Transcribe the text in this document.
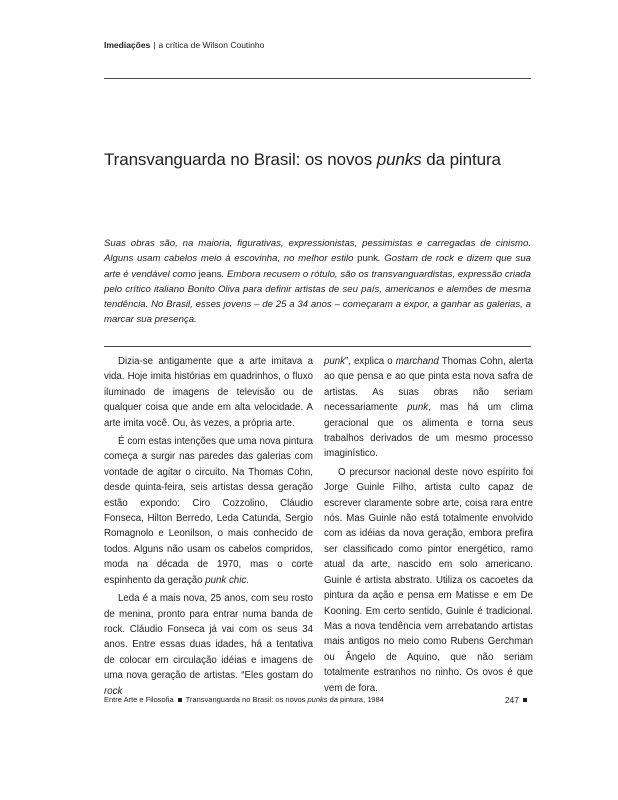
Imediações | a crítica de Wilson Coutinho
Transvanguarda no Brasil: os novos punks da pintura
Suas obras são, na maioria, figurativas, expressionistas, pessimistas e carregadas de cinismo. Alguns usam cabelos meio à escovinha, no melhor estilo punk. Gostam de rock e dizem que sua arte é vendável como jeans. Embora recusem o rótulo, são os transvanguardistas, expressão criada pelo crítico italiano Bonito Oliva para definir artistas de seu país, americanos e alemões de mesma tendência. No Brasil, esses jovens – de 25 a 34 anos – começaram a expor, a ganhar as galerias, a marcar sua presença.

Dizia-se antigamente que a arte imitava a vida. Hoje imita histórias em quadrinhos, o fluxo iluminado de imagens de televisão ou de qualquer coisa que ande em alta velocidade. A arte imita você. Ou, às vezes, a própria arte.

É com estas intenções que uma nova pintura começa a surgir nas paredes das galerias com vontade de agitar o circuito. Na Thomas Cohn, desde quinta-feira, seis artistas dessa geração estão expondo: Ciro Cozzolino, Cláudio Fonseca, Hilton Berredo, Leda Catunda, Sergio Romagnolo e Leonilson, o mais conhecido de todos. Alguns não usam os cabelos compridos, moda na década de 1970, mas o corte espinhento da geração punk chic.

Leda é a mais nova, 25 anos, com seu rosto de menina, pronto para entrar numa banda de rock. Cláudio Fonseca já vai com os seus 34 anos. Entre essas duas idades, há a tentativa de colocar em circulação idéias e imagens de uma nova geração de artistas. “Eles gostam do rock

punk”, explica o marchand Thomas Cohn, alerta ao que pensa e ao que pinta esta nova safra de artistas. As suas obras não seriam necessariamente punk, mas há um clima geracional que os alimenta e torna seus trabalhos derivados de um mesmo processo imaginístico.

O precursor nacional deste novo espírito foi Jorge Guinle Filho, artista culto capaz de escrever claramente sobre arte, coisa rara entre nós. Mas Guinle não está totalmente envolvido com as idéias da nova geração, embora prefira ser classificado como pintor energético, ramo atual da arte, nascido em solo americano. Guinle é artista abstrato. Utiliza os cacoetes da pintura da ação e pensa em Matisse e em De Kooning. Em certo sentido, Guinle é tradicional. Mas a nova tendência vem arrebatando artistas mais antigos no meio como Rubens Gerchman ou Ângelo de Aquino, que não seriam totalmente estranhos no ninho. Os ovos é que vem de fora.

Entre Arte e Filosofia Transvanguarda no Brasil: os novos punks da pintura, 1984	247
